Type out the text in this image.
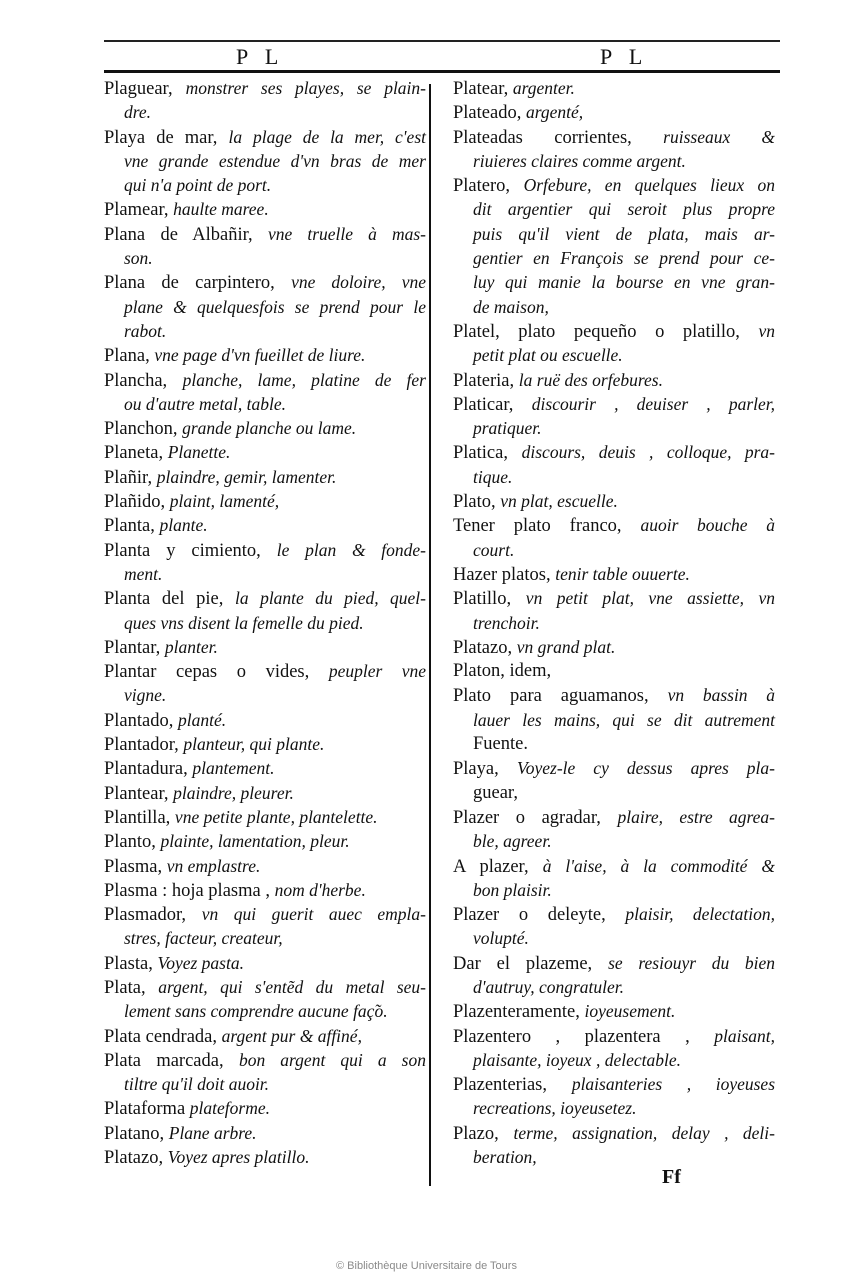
P L	P L
Plaguear, monstrer ses playes, se plain-
dre.
Playa de mar, la plage de la mer, c'est
vne grande estendue d'vn bras de mer
qui n'a point de port.
Plamear, haulte maree.
Plana de Albañir, vne truelle à mas-
son.
Plana de carpintero, vne doloire, vne
plane & quelquesfois se prend pour le
rabot.
Plana, vne page d'vn fueillet de liure.
Plancha, planche, lame, platine de fer
ou d'autre metal, table.
Planchon, grande planche ou lame.
Planeta, Planette.
Plañir, plaindre, gemir, lamenter.
Plañido, plaint, lamenté,
Planta, plante.
Planta y cimiento, le plan & fonde-
ment.
Planta del pie, la plante du pied, quel-
ques vns disent la femelle du pied.
Plantar, planter.
Plantar cepas o vides, peupler vne
vigne.
Plantado, planté.
Plantador, planteur, qui plante.
Plantadura, plantement.
Plantear, plaindre, pleurer.
Plantilla, vne petite plante, plantelette.
Planto, plainte, lamentation, pleur.
Plasma, vn emplastre.
Plasma : hoja plasma , nom d'herbe.
Plasmador, vn qui guerit auec empla-
stres, facteur, createur,
Plasta, Voyez pasta.
Plata, argent, qui s'entẽd du metal seu-
lement sans comprendre aucune faç̃o.
Plata cendrada, argent pur & affiné,
Plata marcada, bon argent qui a son
tiltre qu'il doit auoir.
Plataforma plateforme.
Platano, Plane arbre.
Platazo, Voyez apres platillo.
Platear, argenter.
Plateado, argenté,
Plateadas corrientes, ruisseaux &
riuieres claires comme argent.
Platero, Orfebure, en quelques lieux on
dit argentier qui seroit plus propre
puis qu'il vient de plata, mais ar-
gentier en François se prend pour ce-
luy qui manie la bourse en vne gran-
de maison,
Platel, plato pequeño o platillo, vn
petit plat ou escuelle.
Plateria, la ruë des orfebures.
Platicar, discourir , deuiser , parler,
pratiquer.
Platica, discours, deuis , colloque, pra-
tique.
Plato, vn plat, escuelle.
Tener plato franco, auoir bouche à
court.
Hazer platos, tenir table ouuerte.
Platillo, vn petit plat, vne assiette, vn
trenchoir.
Platazo, vn grand plat.
Platon, idem,
Plato para aguamanos, vn bassin à
lauer les mains, qui se dit autrement
Fuente.
Playa, Voyez-le cy dessus apres pla-
guear,
Plazer o agradar, plaire, estre agrea-
ble, agreer.
A plazer, à l'aise, à la commodité &
bon plaisir.
Plazer o deleyte, plaisir, delectation,
volupté.
Dar el plazeme, se resiouyr du bien
d'autruy, congratuler.
Plazenteramente, ioyeusement.
Plazentero , plazentera , plaisant,
plaisante, ioyeux , delectable.
Plazenterias, plaisanteries , ioyeuses
recreations, ioyeusetez.
Plazo, terme, assignation, delay , deli-
beration,
Ff
© Bibliothèque Universitaire de Tours
